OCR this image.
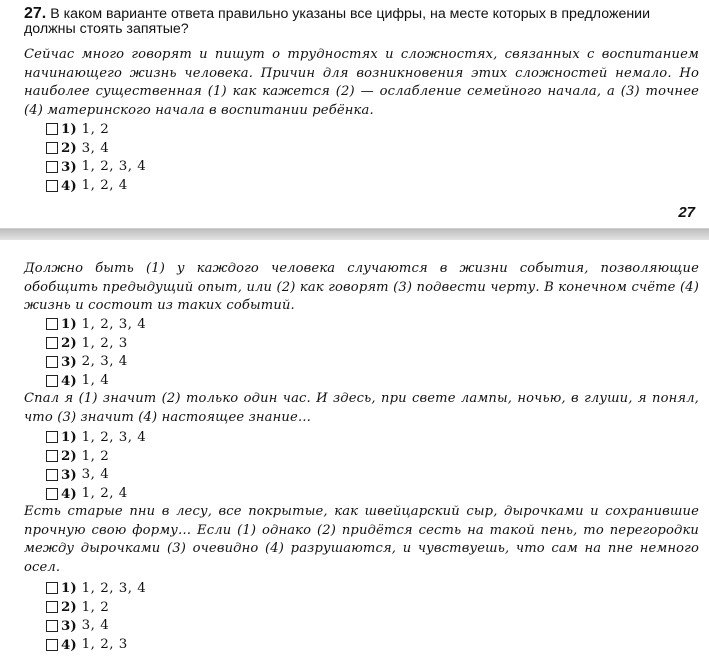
27. В каком варианте ответа правильно указаны все цифры, на месте которых в предложении должны стоять запятые?
Сейчас много говорят и пишут о трудностях и сложностях, связанных с воспитанием начинающего жизнь человека. Причин для возникновения этих сложностей немало. Но наиболее существенная (1) как кажется (2) — ослабление семейного начала, а (3) точнее (4) материнского начала в воспитании ребёнка.
1) 1, 2
2) 3, 4
3) 1, 2, 3, 4
4) 1, 2, 4
27
Должно быть (1) у каждого человека случаются в жизни события, позволяющие обобщить предыдущий опыт, или (2) как говорят (3) подвести черту. В конечном счёте (4) жизнь и состоит из таких событий.
1) 1, 2, 3, 4
2) 1, 2, 3
3) 2, 3, 4
4) 1, 4
Спал я (1) значит (2) только один час. И здесь, при свете лампы, ночью, в глуши, я понял, что (3) значит (4) настоящее знание…
1) 1, 2, 3, 4
2) 1, 2
3) 3, 4
4) 1, 2, 4
Есть старые пни в лесу, все покрытые, как швейцарский сыр, дырочками и сохранившие прочную свою форму… Если (1) однако (2) придётся сесть на такой пень, то перегородки между дырочками (3) очевидно (4) разрушаются, и чувствуешь, что сам на пне немного осел.
1) 1, 2, 3, 4
2) 1, 2
3) 3, 4
4) 1, 2, 3
